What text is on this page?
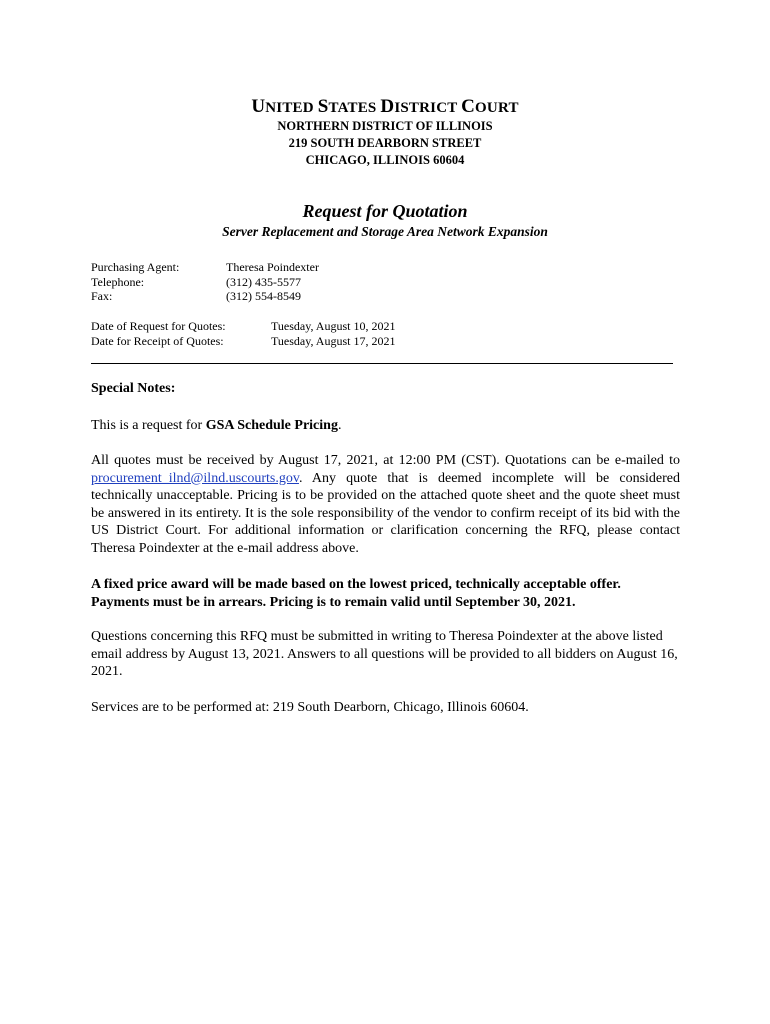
UNITED STATES DISTRICT COURT
NORTHERN DISTRICT OF ILLINOIS
219 SOUTH DEARBORN STREET
CHICAGO, ILLINOIS 60604
Request for Quotation
Server Replacement and Storage Area Network Expansion
Purchasing Agent:	Theresa Poindexter
Telephone:	(312) 435-5577
Fax:	(312) 554-8549
Date of Request for Quotes:	Tuesday, August 10, 2021
Date for Receipt of Quotes:	Tuesday, August 17, 2021
Special Notes:
This is a request for GSA Schedule Pricing.
All quotes must be received by August 17, 2021, at 12:00 PM (CST). Quotations can be e-mailed to procurement_ilnd@ilnd.uscourts.gov. Any quote that is deemed incomplete will be considered technically unacceptable. Pricing is to be provided on the attached quote sheet and the quote sheet must be answered in its entirety. It is the sole responsibility of the vendor to confirm receipt of its bid with the US District Court. For additional information or clarification concerning the RFQ, please contact Theresa Poindexter at the e-mail address above.
A fixed price award will be made based on the lowest priced, technically acceptable offer.
Payments must be in arrears. Pricing is to remain valid until September 30, 2021.
Questions concerning this RFQ must be submitted in writing to Theresa Poindexter at the above listed email address by August 13, 2021. Answers to all questions will be provided to all bidders on August 16, 2021.
Services are to be performed at: 219 South Dearborn, Chicago, Illinois 60604.
